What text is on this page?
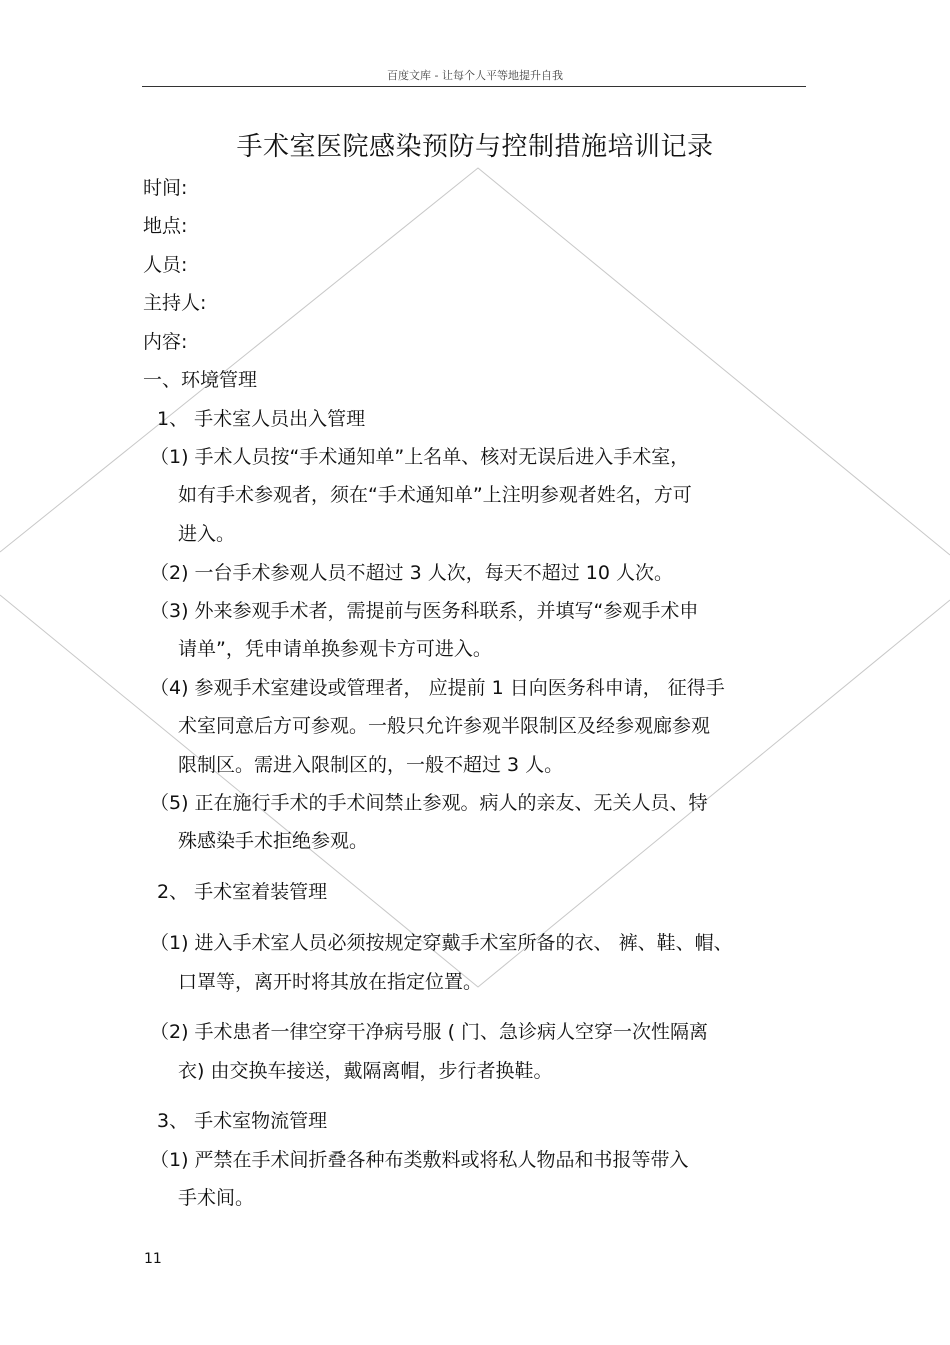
百度文库 - 让每个人平等地提升自我
手术室医院感染预防与控制措施培训记录
时间:
地点:
人员:
主持人:
内容:
一、环境管理
1、 手术室人员出入管理
（1) 手术人员按“手术通知单”上名单、核对无误后进入手术室，
如有手术参观者，须在“手术通知单”上注明参观者姓名，方可
进入。
（2) 一台手术参观人员不超过 3 人次，每天不超过 10 人次。
（3) 外来参观手术者，需提前与医务科联系，并填写“参观手术申
请单”，凭申请单换参观卡方可进入。
（4) 参观手术室建设或管理者， 应提前 1 日向医务科申请， 征得手
术室同意后方可参观。一般只允许参观半限制区及经参观廊参观
限制区。需进入限制区的，一般不超过 3 人。
（5) 正在施行手术的手术间禁止参观。病人的亲友、无关人员、特
殊感染手术拒绝参观。
2、 手术室着装管理
（1) 进入手术室人员必须按规定穿戴手术室所备的衣、 裤、鞋、帽、
口罩等，离开时将其放在指定位置。
（2) 手术患者一律空穿干净病号服 ( 门、急诊病人空穿一次性隔离
衣) 由交换车接送，戴隔离帽，步行者换鞋。
3、 手术室物流管理
（1) 严禁在手术间折叠各种布类敷料或将私人物品和书报等带入
手术间。
11
